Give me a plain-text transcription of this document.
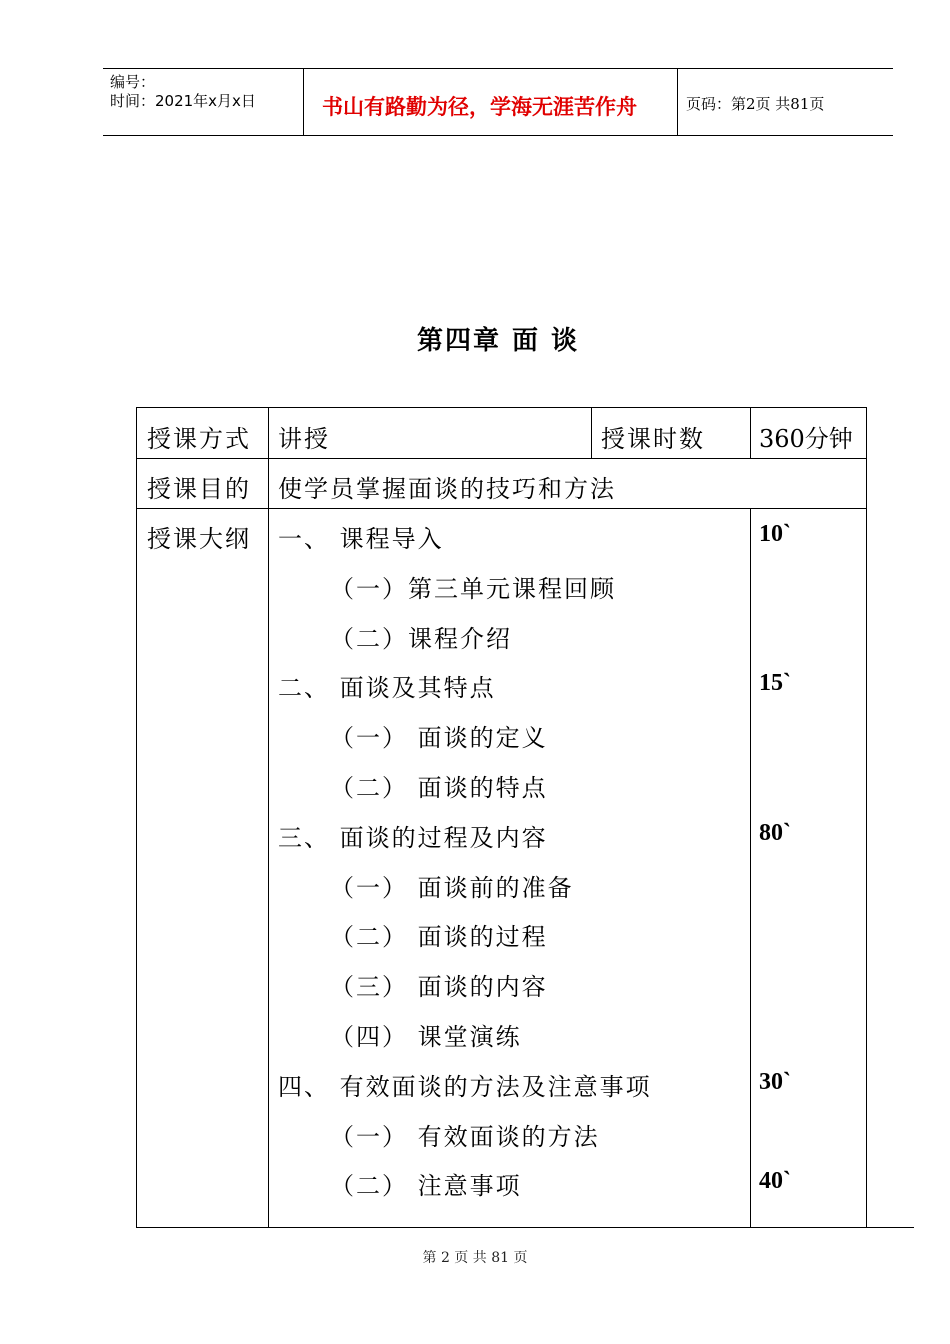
编号：
时间：2021年x月x日	书山有路勤为径，学海无涯苦作舟	页码：第2页 共81页
第四章 面 谈
授课方式 讲授	授课时数 360分钟
授课目的 使学员掌握面谈的技巧和方法
授课大纲 一、 课程导入	10`
（一）第三单元课程回顾
（二）课程介绍
二、 面谈及其特点	15`
（一） 面谈的定义
（二） 面谈的特点
三、 面谈的过程及内容	80`
（一） 面谈前的准备
（二） 面谈的过程
（三） 面谈的内容
（四） 课堂演练
四、 有效面谈的方法及注意事项	30`
（一） 有效面谈的方法
（二） 注意事项	40`
第 2 页 共 81 页
